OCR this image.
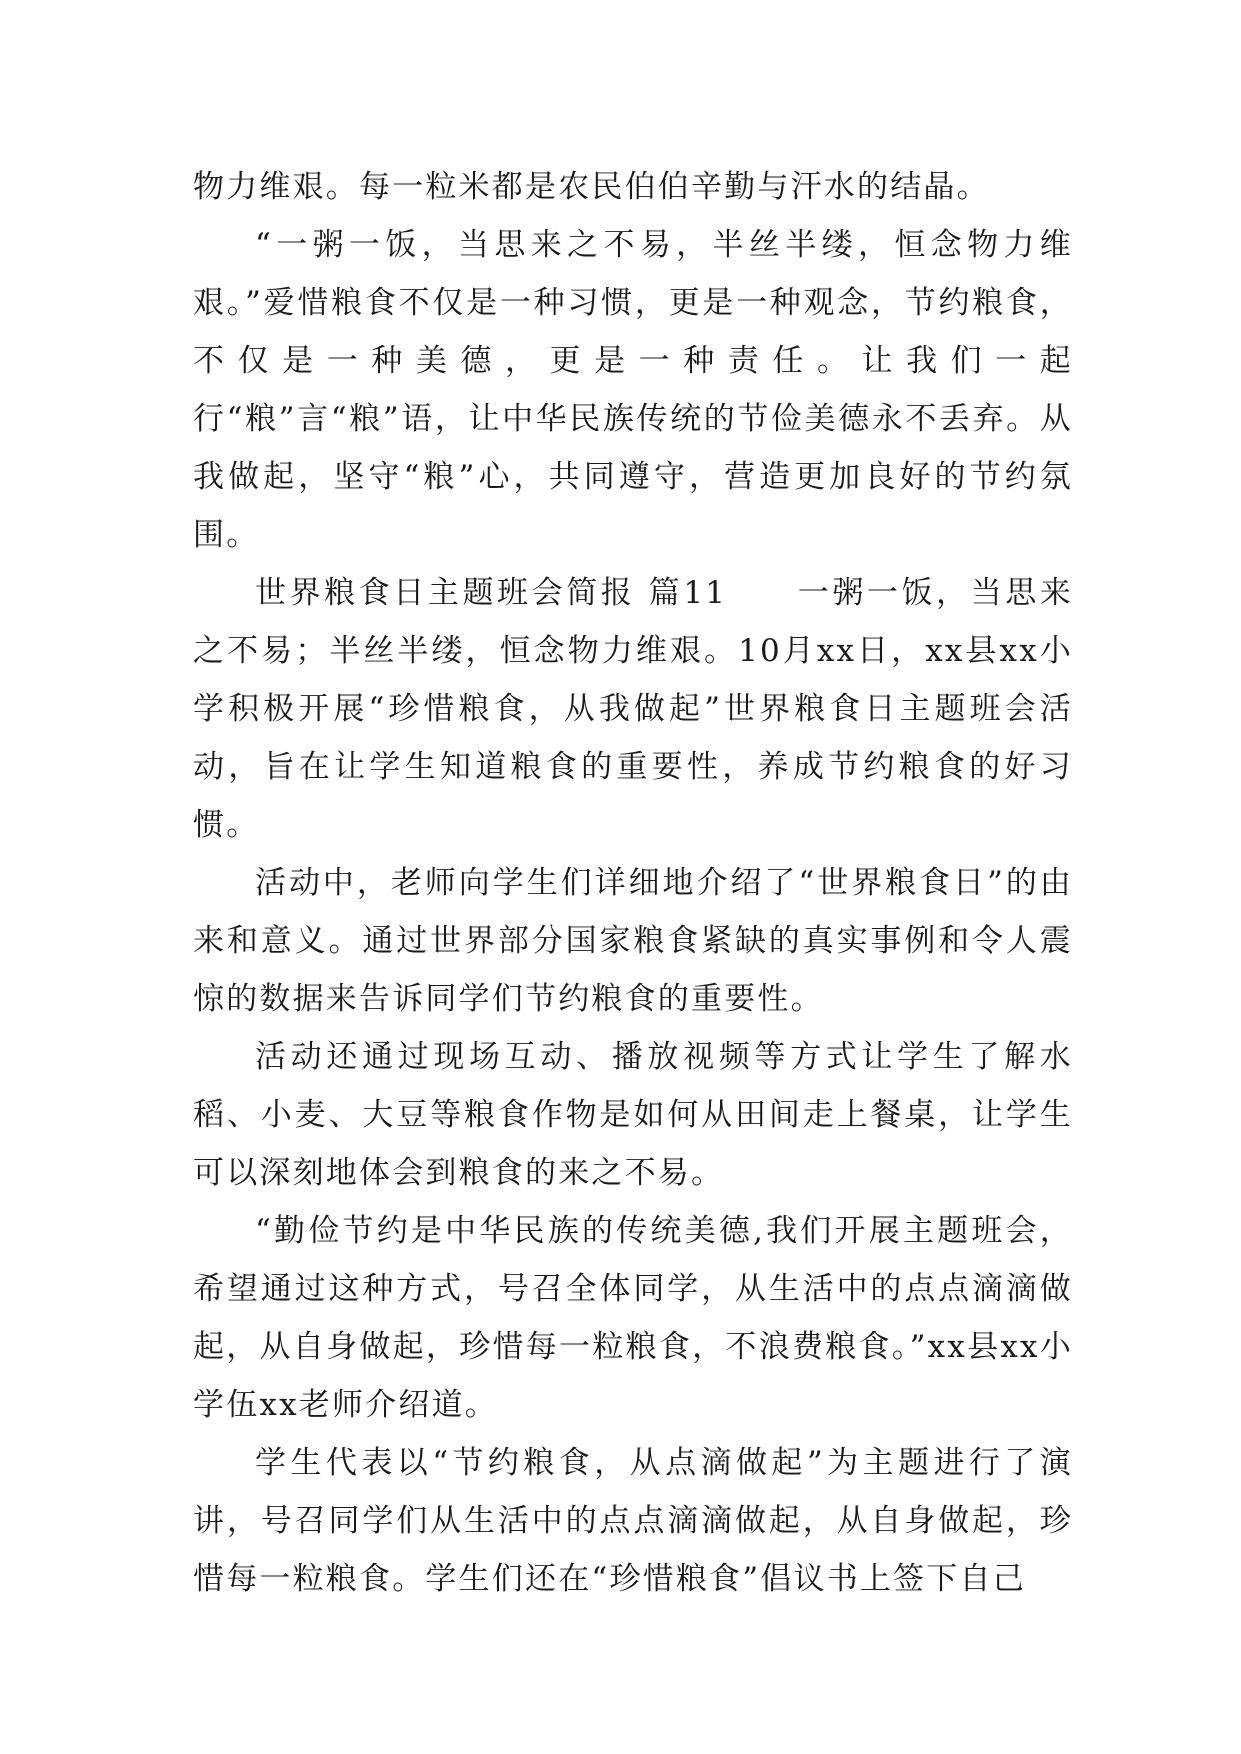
物力维艰。每一粒米都是农民伯伯辛勤与汗水的结晶。

“一粥一饭，当思来之不易，半丝半缕，恒念物力维艰。”爱惜粮食不仅是一种习惯，更是一种观念，节约粮食，不仅是一种美德，更是一种责任。让我们一起行“粮”言“粮”语，让中华民族传统的节俭美德永不丢弃。从我做起，坚守“粮”心，共同遵守，营造更加良好的节约氛围。

世界粮食日主题班会简报 篇11　　一粥一饭，当思来之不易；半丝半缕，恒念物力维艰。10月xx日，xx县xx小学积极开展“珍惜粮食，从我做起”世界粮食日主题班会活动，旨在让学生知道粮食的重要性，养成节约粮食的好习惯。

活动中，老师向学生们详细地介绍了“世界粮食日”的由来和意义。通过世界部分国家粮食紧缺的真实事例和令人震惊的数据来告诉同学们节约粮食的重要性。

活动还通过现场互动、播放视频等方式让学生了解水稻、小麦、大豆等粮食作物是如何从田间走上餐桌，让学生可以深刻地体会到粮食的来之不易。

“勤俭节约是中华民族的传统美德,我们开展主题班会，希望通过这种方式，号召全体同学，从生活中的点点滴滴做起，从自身做起，珍惜每一粒粮食，不浪费粮食。”xx县xx小学伍xx老师介绍道。

学生代表以“节约粮食，从点滴做起”为主题进行了演讲，号召同学们从生活中的点点滴滴做起，从自身做起，珍惜每一粒粮食。学生们还在“珍惜粮食”倡议书上签下自己
